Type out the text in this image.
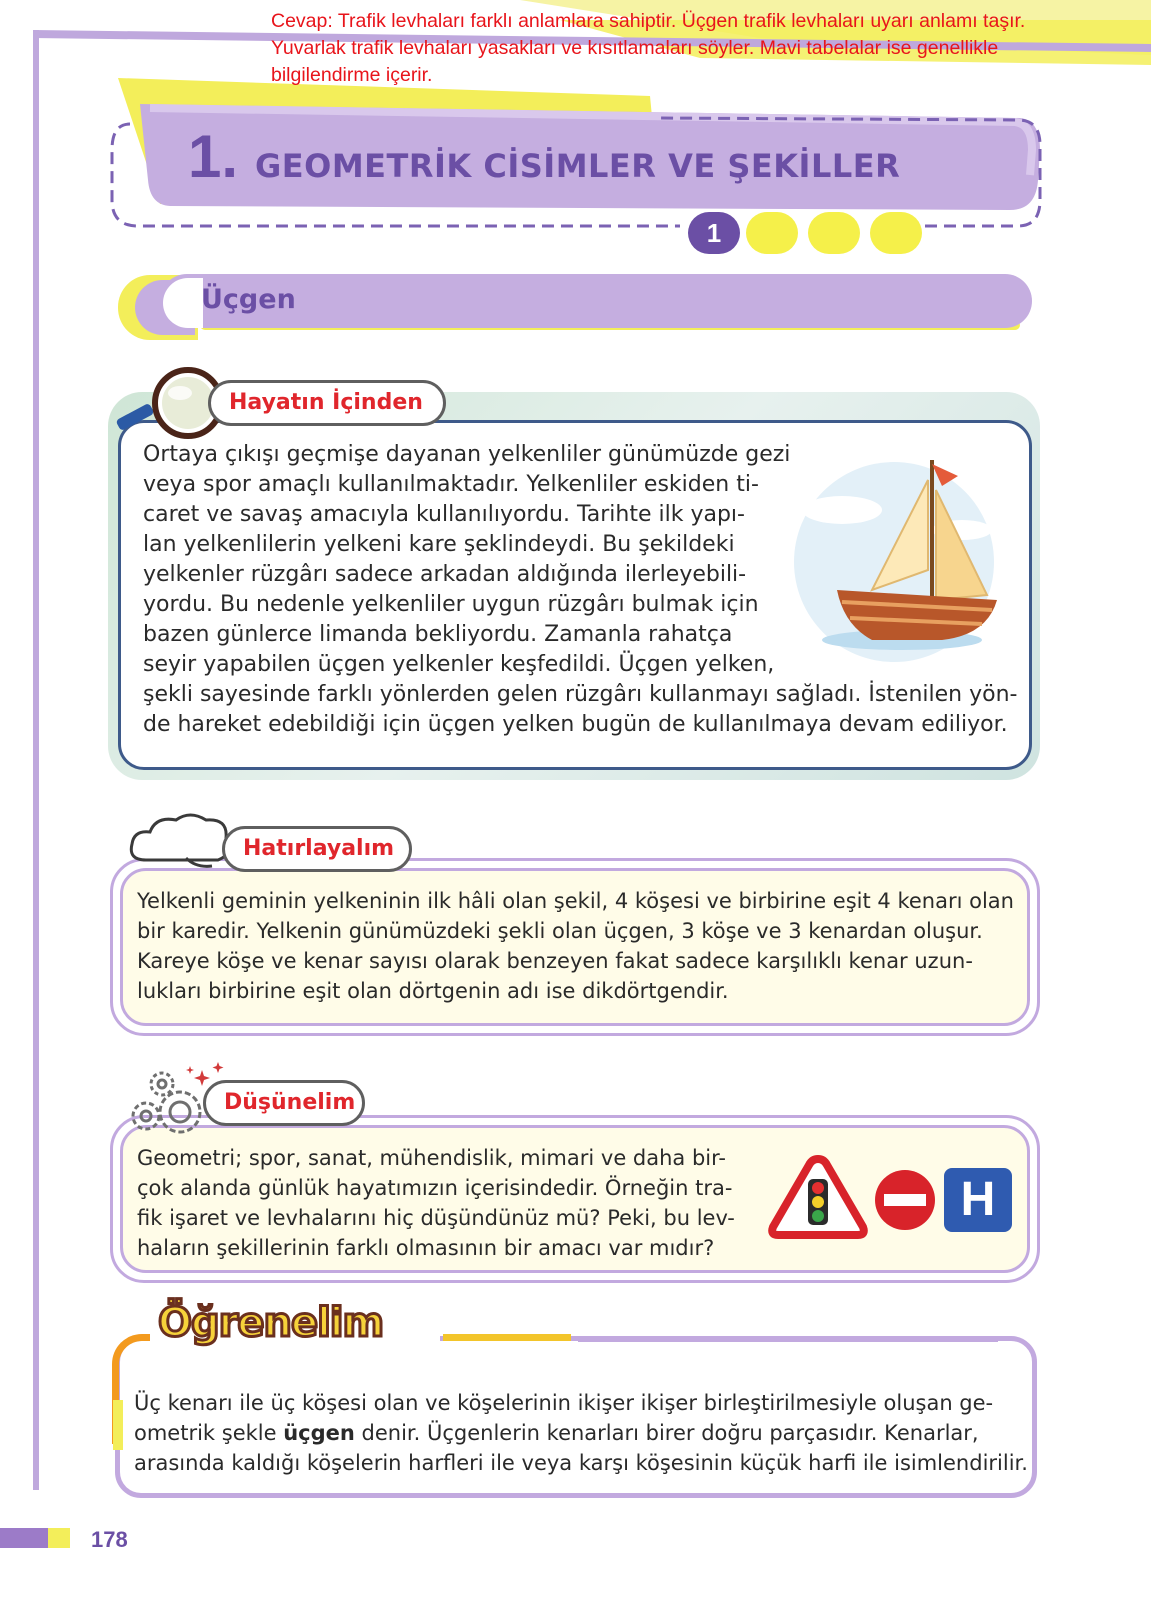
Cevap: Trafik levhaları farklı anlamlara sahiptir. Üçgen trafik levhaları uyarı anlamı taşır.
Yuvarlak trafik levhaları yasakları ve kısıtlamaları söyler. Mavi tabelalar ise genellikle
bilgilendirme içerir.
1. GEOMETRİK CİSİMLER VE ŞEKİLLER
1
Üçgen
Hayatın İçinden

Ortaya çıkışı geçmişe dayanan yelkenliler günümüzde gezi

veya spor amaçlı kullanılmaktadır. Yelkenliler eskiden ti-

caret ve savaş amacıyla kullanılıyordu. Tarihte ilk yapı-

lan yelkenlilerin yelkeni kare şeklindeydi. Bu şekildeki

yelkenler rüzgârı sadece arkadan aldığında ilerleyebili-

yordu. Bu nedenle yelkenliler uygun rüzgârı bulmak için

bazen günlerce limanda bekliyordu. Zamanla rahatça

seyir yapabilen üçgen yelkenler keşfedildi. Üçgen yelken,

şekli sayesinde farklı yönlerden gelen rüzgârı kullanmayı sağladı. İstenilen yön-

de hareket edebildiği için üçgen yelken bugün de kullanılmaya devam ediliyor.

Hatırlayalım

Yelkenli geminin yelkeninin ilk hâli olan şekil, 4 köşesi ve birbirine eşit 4 kenarı olan

bir karedir. Yelkenin günümüzdeki şekli olan üçgen, 3 köşe ve 3 kenardan oluşur.

Kareye köşe ve kenar sayısı olarak benzeyen fakat sadece karşılıklı kenar uzun-

lukları birbirine eşit olan dörtgenin adı ise dikdörtgendir.

Düşünelim

Geometri; spor, sanat, mühendislik, mimari ve daha bir-

çok alanda günlük hayatımızın içerisindedir. Örneğin tra-

fik işaret ve levhalarını hiç düşündünüz mü? Peki, bu lev-

haların şekillerinin farklı olmasının bir amacı var mıdır?

H
Öğrenelim

Üç kenarı ile üç köşesi olan ve köşelerinin ikişer ikişer birleştirilmesiyle oluşan ge-

ometrik şekle üçgen denir. Üçgenlerin kenarları birer doğru parçasıdır. Kenarlar,

arasında kaldığı köşelerin harfleri ile veya karşı köşesinin küçük harfi ile isimlendirilir.

178
